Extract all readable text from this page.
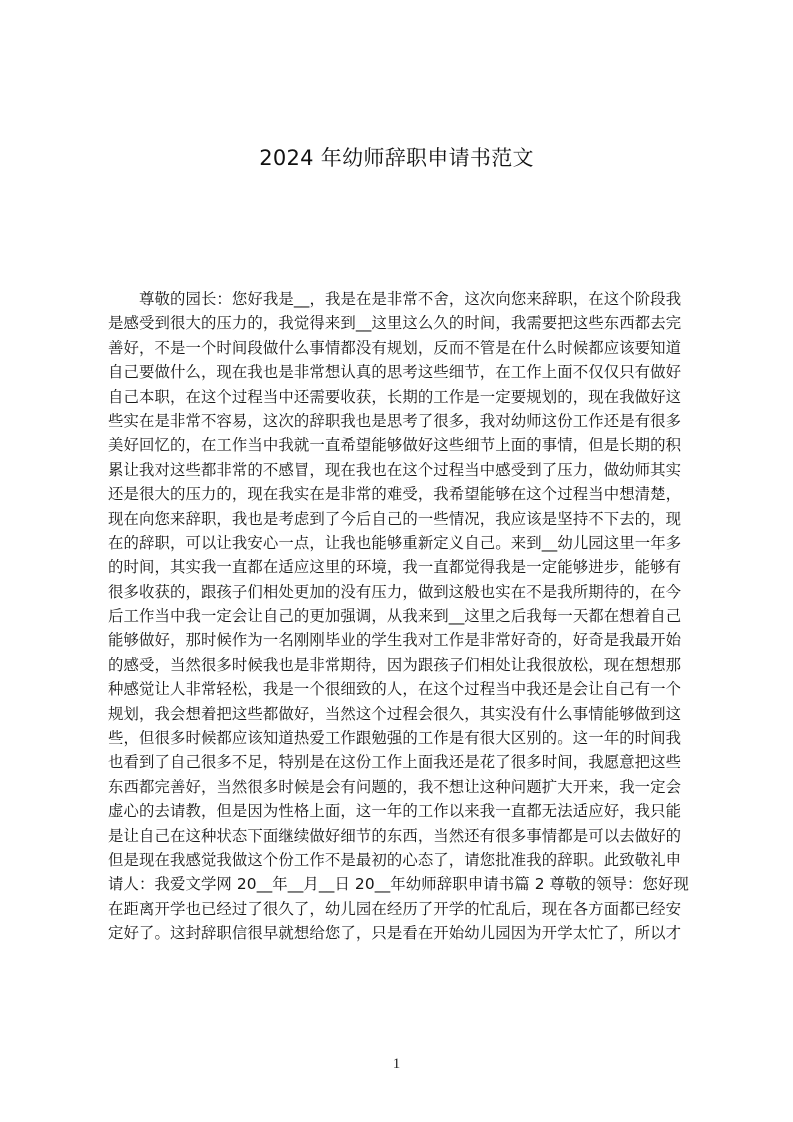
2024 年幼师辞职申请书范文
　　尊敬的园长：您好我是__，我是在是非常不舍，这次向您来辞职，在这个阶段我
是感受到很大的压力的，我觉得来到__这里这么久的时间，我需要把这些东西都去完
善好，不是一个时间段做什么事情都没有规划，反而不管是在什么时候都应该要知道
自己要做什么，现在我也是非常想认真的思考这些细节，在工作上面不仅仅只有做好
自己本职，在这个过程当中还需要收获，长期的工作是一定要规划的，现在我做好这
些实在是非常不容易，这次的辞职我也是思考了很多，我对幼师这份工作还是有很多
美好回忆的，在工作当中我就一直希望能够做好这些细节上面的事情，但是长期的积
累让我对这些都非常的不感冒，现在我也在这个过程当中感受到了压力，做幼师其实
还是很大的压力的，现在我实在是非常的难受，我希望能够在这个过程当中想清楚，
现在向您来辞职，我也是考虑到了今后自己的一些情况，我应该是坚持不下去的，现
在的辞职，可以让我安心一点，让我也能够重新定义自己。来到__幼儿园这里一年多
的时间，其实我一直都在适应这里的环境，我一直都觉得我是一定能够进步，能够有
很多收获的，跟孩子们相处更加的没有压力，做到这般也实在不是我所期待的，在今
后工作当中我一定会让自己的更加强调，从我来到__这里之后我每一天都在想着自己
能够做好，那时候作为一名刚刚毕业的学生我对工作是非常好奇的，好奇是我最开始
的感受，当然很多时候我也是非常期待，因为跟孩子们相处让我很放松，现在想想那
种感觉让人非常轻松，我是一个很细致的人，在这个过程当中我还是会让自己有一个
规划，我会想着把这些都做好，当然这个过程会很久，其实没有什么事情能够做到这
些，但很多时候都应该知道热爱工作跟勉强的工作是有很大区别的。这一年的时间我
也看到了自己很多不足，特别是在这份工作上面我还是花了很多时间，我愿意把这些
东西都完善好，当然很多时候是会有问题的，我不想让这种问题扩大开来，我一定会
虚心的去请教，但是因为性格上面，这一年的工作以来我一直都无法适应好，我只能
是让自己在这种状态下面继续做好细节的东西，当然还有很多事情都是可以去做好的
但是现在我感觉我做这个份工作不是最初的心态了，请您批准我的辞职。此致敬礼申
请人：我爱文学网 20__年__月__日 20__年幼师辞职申请书篇 2 尊敬的领导：您好现
在距离开学也已经过了很久了，幼儿园在经历了开学的忙乱后，现在各方面都已经安
定好了。这封辞职信很早就想给您了，只是看在开始幼儿园因为开学太忙了，所以才
1
